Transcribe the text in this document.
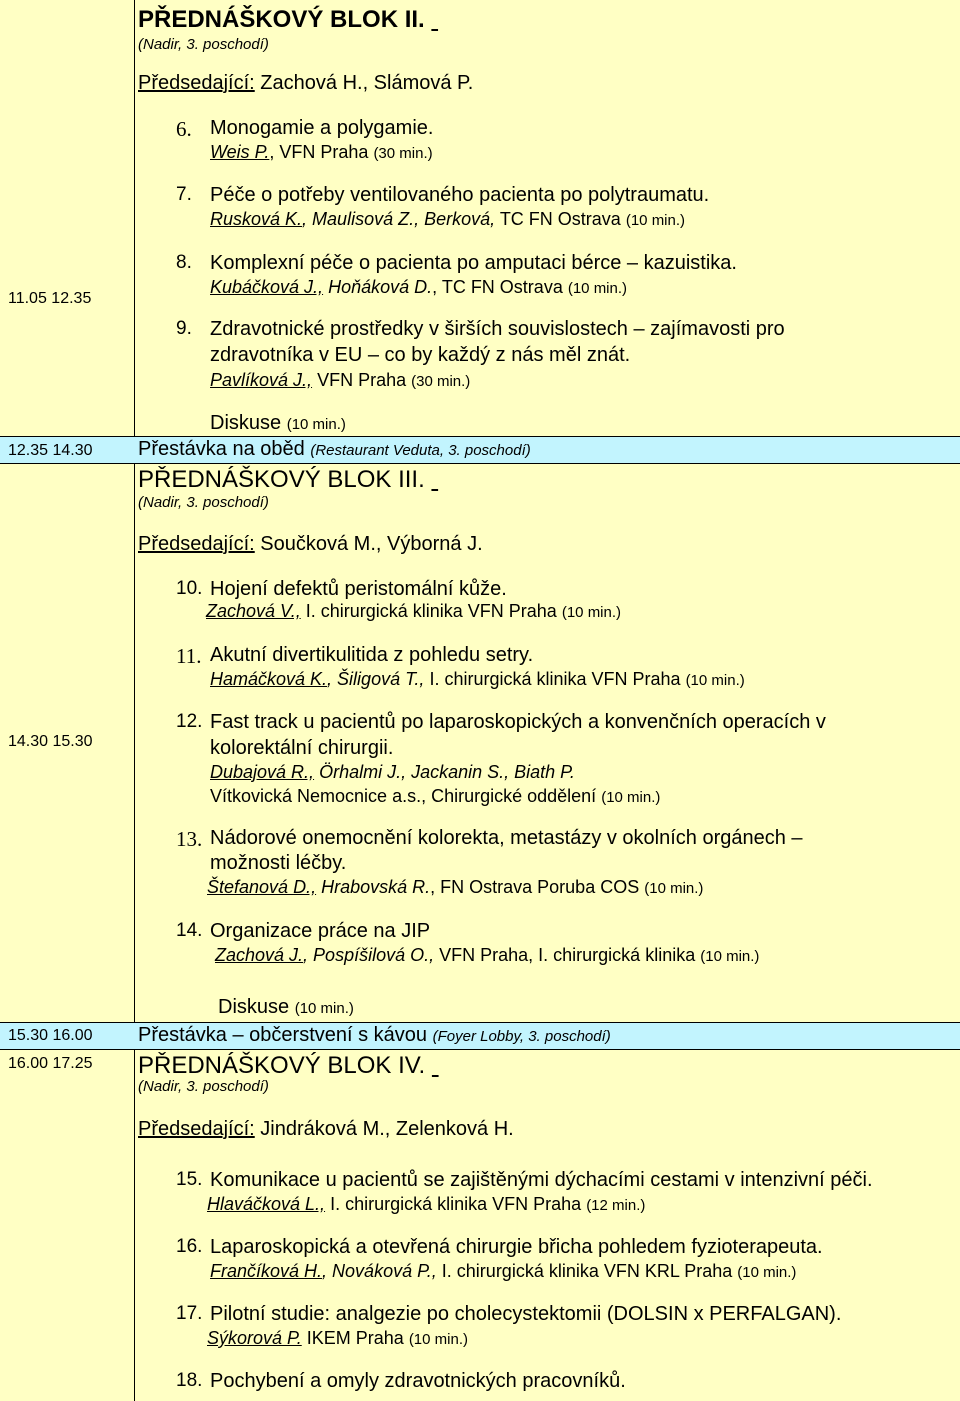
PŘEDNÁŠKOVÝ BLOK II.
(Nadir, 3. poschodí)
Předsedající: Zachová H., Slámová P.
11.05 12.35
6. Monogamie a polygamie.
Weis P., VFN Praha (30 min.)
7. Péče o potřeby ventilovaného pacienta po polytraumatu.
Rusková K., Maulisová Z., Berková, TC FN Ostrava (10 min.)
8. Komplexní péče o pacienta po amputaci bérce – kazuistika.
Kubáčková J., Hoňáková D., TC FN Ostrava (10 min.)
9. Zdravotnické prostředky v širších souvislostech – zajímavosti pro
zdravotníka v EU – co by každý z nás měl znát.
Pavlíková J., VFN Praha (30 min.)
Diskuse (10 min.)
12.35 14.30 Přestávka na oběd (Restaurant Veduta, 3. poschodí)
PŘEDNÁŠKOVÝ BLOK III.
(Nadir, 3. poschodí)
Předsedající: Součková M., Výborná J.
14.30 15.30
10. Hojení defektů peristomální kůže.
Zachová V., I. chirurgická klinika VFN Praha (10 min.)
11. Akutní divertikulitida z pohledu setry.
Hamáčková K., Šiligová T., I. chirurgická klinika VFN Praha (10 min.)
12. Fast track u pacientů po laparoskopických a konvenčních operacích v
kolorektální chirurgii.
Dubajová R., Örhalmi J., Jackanin S., Biath P.
Vítkovická Nemocnice a.s., Chirurgické oddělení (10 min.)
13. Nádorové onemocnění kolorekta, metastázy v okolních orgánech –
možnosti léčby.
Štefanová D., Hrabovská R., FN Ostrava Poruba COS (10 min.)
14. Organizace práce na JIP
Zachová J., Pospíšilová O., VFN Praha, I. chirurgická klinika (10 min.)
Diskuse (10 min.)
15.30 16.00 Přestávka – občerstvení s kávou (Foyer Lobby, 3. poschodí)
16.00 17.25 PŘEDNÁŠKOVÝ BLOK IV.
(Nadir, 3. poschodí)
Předsedající: Jindráková M., Zelenková H.
15. Komunikace u pacientů se zajištěnými dýchacími cestami v intenzivní péči.
Hlaváčková L., I. chirurgická klinika VFN Praha (12 min.)
16. Laparoskopická a otevřená chirurgie břicha pohledem fyzioterapeuta.
Frančíková H., Nováková P., I. chirurgická klinika VFN KRL Praha (10 min.)
17. Pilotní studie: analgezie po cholecystektomii (DOLSIN x PERFALGAN).
Sýkorová P. IKEM Praha (10 min.)
18. Pochybení a omyly zdravotnických pracovníků.
